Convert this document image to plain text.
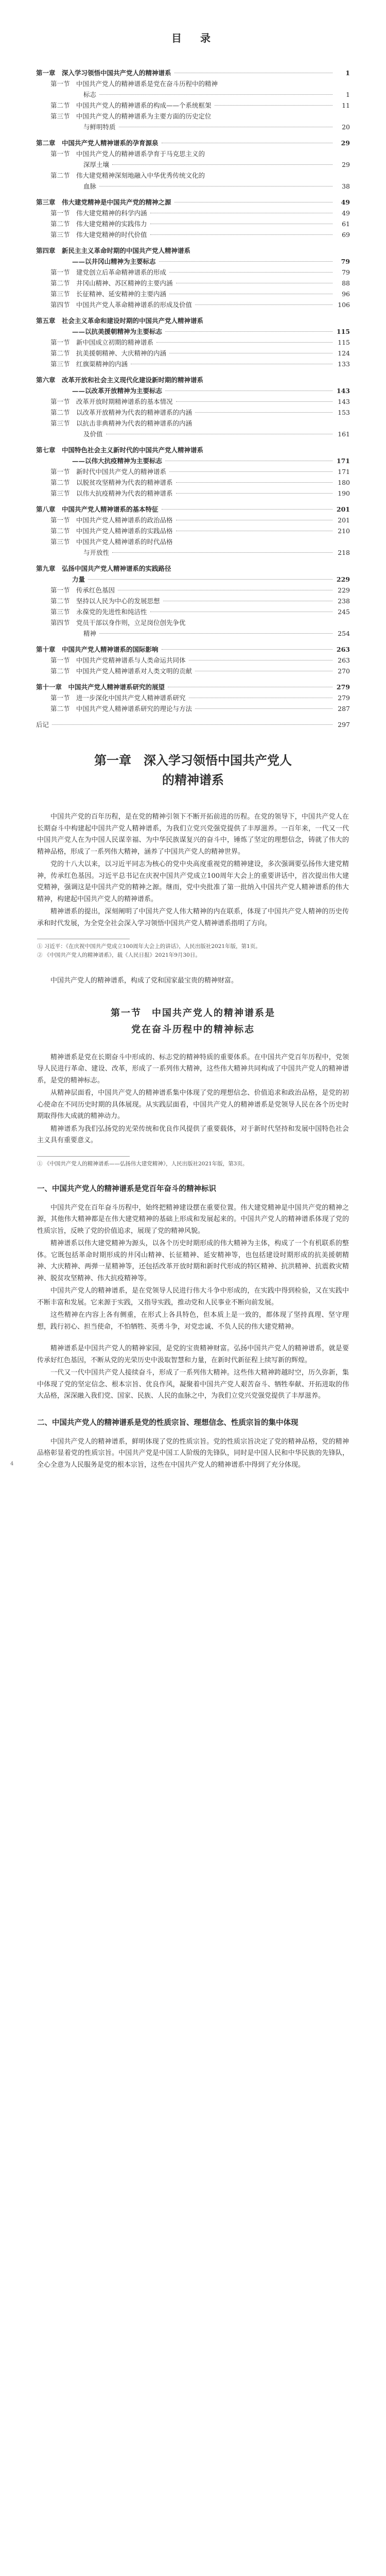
目　录
第一章　深入学习领悟中国共产党人的精神谱系	1
第一节　中国共产党人的精神谱系是党在奋斗历程中的精神
标志	1
第二节　中国共产党人的精神谱系的构成——个系统框架	11
第三节　中国共产党人的精神谱系为主要方面的历史定位
与鲜明特质	20
第二章　中国共产党人精神谱系的孕育源泉	29
第一节　中国共产党人的精神谱系孕育于马克思主义的
深厚土壤	29
第二节　伟大建党精神深刻地融入中华优秀传统文化的
血脉	38
第三章　伟大建党精神是中国共产党的精神之源	49
第一节　伟大建党精神的科学内涵	49
第二节　伟大建党精神的实践伟力	61
第三节　伟大建党精神的时代价值	69
第四章　新民主主义革命时期的中国共产党人精神谱系
——以井冈山精神为主要标志	79
第一节　建党创立后革命精神谱系的形成	79
第二节　井冈山精神、苏区精神的主要内涵	88
第三节　长征精神、延安精神的主要内涵	96
第四节　中国共产党人革命精神谱系的形成及价值	106
第五章　社会主义革命和建设时期的中国共产党人精神谱系
——以抗美援朝精神为主要标志	115
第一节　新中国成立初期的精神谱系	115
第二节　抗美援朝精神、大庆精神的内涵	124
第三节　红旗渠精神的内涵	133
第六章　改革开放和社会主义现代化建设新时期的精神谱系
——以改革开放精神为主要标志	143
第一节　改革开放时期精神谱系的基本情况	143
第二节　以改革开放精神为代表的精神谱系的内涵	153
第三节　以抗击非典精神为代表的精神谱系的内涵
及价值	161
第七章　中国特色社会主义新时代的中国共产党人精神谱系
——以伟大抗疫精神为主要标志	171
第一节　新时代中国共产党人的精神谱系	171
第二节　以脱贫攻坚精神为代表的精神谱系	180
第三节　以伟大抗疫精神为代表的精神谱系	190
第八章　中国共产党人精神谱系的基本特征	201
第一节　中国共产党人精神谱系的政治品格	201
第二节　中国共产党人精神谱系的实践品格	210
第三节　中国共产党人精神谱系的时代品格
与开放性	218
第九章　弘扬中国共产党人精神谱系的实践路径
力量	229
第一节　传承红色基因	229
第二节　坚持以人民为中心的发展思想	238
第三节　永葆党的先进性和纯洁性	245
第四节　党员干部以身作则，立足岗位创先争优
精神	254
第十章　中国共产党人精神谱系的国际影响	263
第一节　中国共产党精神谱系与人类命运共同体	263
第二节　中国共产党人精神谱系对人类文明的贡献	270
第十一章　中国共产党人精神谱系研究的展望	279
第一节　进一步深化中国共产党人精神谱系研究	279
第二节　中国共产党人精神谱系研究的理论与方法	287
后记	297
第一章　深入学习领悟中国共产党人
的精神谱系

中国共产党的百年历程，是在党的精神引领下不断开拓前进的历程。在党的领导下，中国共产党人在长期奋斗中构建起中国共产党人精神谱系，为我们立党兴党强党提供了丰厚滋养。一百年来，一代又一代中国共产党人在为中国人民谋幸福、为中华民族谋复兴的奋斗中，锤炼了坚定的理想信念，铸就了伟大的精神品格，形成了一系列伟大精神，涵养了中国共产党人的精神世界。

党的十八大以来，以习近平同志为核心的党中央高度重视党的精神建设，多次强调要弘扬伟大建党精神，传承红色基因。习近平总书记在庆祝中国共产党成立100周年大会上的重要讲话中，首次提出伟大建党精神，强调这是中国共产党的精神之源。继而，党中央批准了第一批纳入中国共产党人精神谱系的伟大精神，构建起中国共产党人的精神谱系。

精神谱系的提出，深刻阐明了中国共产党人伟大精神的内在联系，体现了中国共产党人精神的历史传承和时代发展，为全党全社会深入学习领悟中国共产党人精神谱系指明了方向。

① 习近平：《在庆祝中国共产党成立100周年大会上的讲话》，人民出版社2021年版，第1页。
② 《中国共产党人的精神谱系》，载《人民日报》2021年9月30日。

中国共产党人的精神谱系，构成了党和国家最宝贵的精神财富。

第一节　中国共产党人的精神谱系是
党在奋斗历程中的精神标志

精神谱系是党在长期奋斗中形成的、标志党的精神特质的重要体系。在中国共产党百年历程中，党领导人民进行革命、建设、改革，形成了一系列伟大精神，这些伟大精神共同构成了中国共产党人的精神谱系，是党的精神标志。

从精神层面看，中国共产党人的精神谱系集中体现了党的理想信念、价值追求和政治品格，是党的初心使命在不同历史时期的具体展现。从实践层面看，中国共产党人的精神谱系是党领导人民在各个历史时期取得伟大成就的精神动力。

精神谱系为我们弘扬党的光荣传统和优良作风提供了重要载体，对于新时代坚持和发展中国特色社会主义具有重要意义。

① 《中国共产党人的精神谱系——弘扬伟大建党精神》，人民出版社2021年版，第3页。
一、中国共产党人的精神谱系是党百年奋斗的精神标识

中国共产党在百年奋斗历程中，始终把精神建设摆在重要位置。伟大建党精神是中国共产党的精神之源，其他伟大精神都是在伟大建党精神的基础上形成和发展起来的。中国共产党人的精神谱系体现了党的性质宗旨，反映了党的价值追求，展现了党的精神风貌。

精神谱系以伟大建党精神为源头，以各个历史时期形成的伟大精神为主体，构成了一个有机联系的整体。它既包括革命时期形成的井冈山精神、长征精神、延安精神等，也包括建设时期形成的抗美援朝精神、大庆精神、两弹一星精神等，还包括改革开放时期和新时代形成的特区精神、抗洪精神、抗震救灾精神、脱贫攻坚精神、伟大抗疫精神等。

中国共产党人的精神谱系，是在党领导人民进行伟大斗争中形成的，在实践中得到检验，又在实践中不断丰富和发展。它来源于实践，又指导实践，推动党和人民事业不断向前发展。

这些精神在内容上各有侧重，在形式上各具特色，但本质上是一致的，都体现了坚持真理、坚守理想，践行初心、担当使命，不怕牺牲、英勇斗争，对党忠诚、不负人民的伟大建党精神。

精神谱系是中国共产党人的精神家园，是党的宝贵精神财富。弘扬中国共产党人的精神谱系，就是要传承好红色基因，不断从党的光荣历史中汲取智慧和力量，在新时代新征程上续写新的辉煌。

一代又一代中国共产党人接续奋斗，形成了一系列伟大精神。这些伟大精神跨越时空，历久弥新，集中体现了党的坚定信念、根本宗旨、优良作风，凝聚着中国共产党人艰苦奋斗、牺牲奉献、开拓进取的伟大品格，深深融入我们党、国家、民族、人民的血脉之中，为我们立党兴党强党提供了丰厚滋养。

二、中国共产党人的精神谱系是党的性质宗旨、理想信念、性质宗旨的集中体现

中国共产党人的精神谱系，鲜明体现了党的性质宗旨。党的性质宗旨决定了党的精神品格，党的精神品格彰显着党的性质宗旨。中国共产党是中国工人阶级的先锋队，同时是中国人民和中华民族的先锋队，全心全意为人民服务是党的根本宗旨，这些在中国共产党人的精神谱系中得到了充分体现。

4
